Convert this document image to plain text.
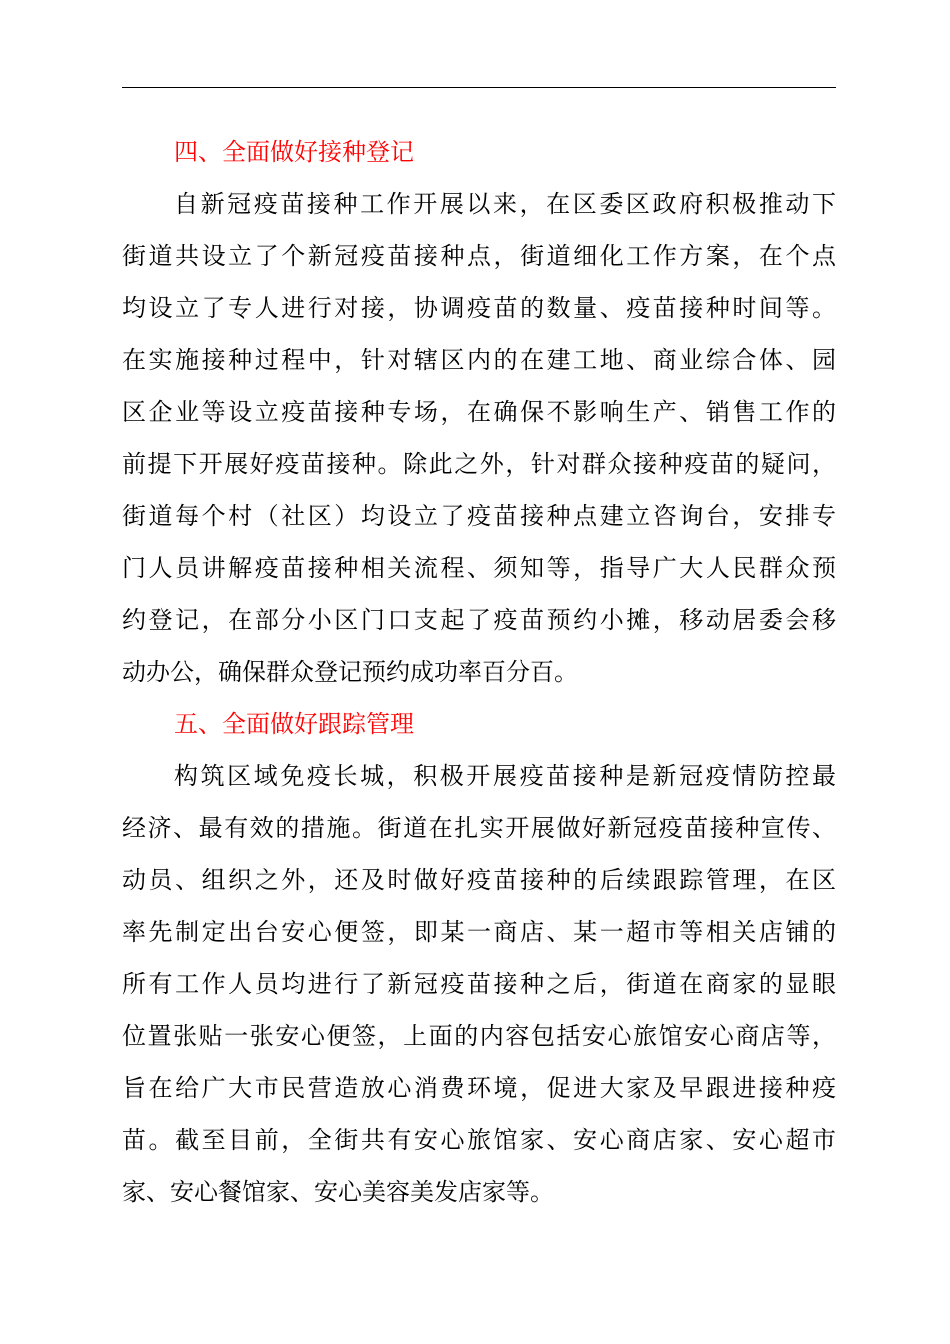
四、全面做好接种登记

自新冠疫苗接种工作开展以来，在区委区政府积极推动下

街道共设立了个新冠疫苗接种点，街道细化工作方案，在个点

均设立了专人进行对接，协调疫苗的数量、疫苗接种时间等。

在实施接种过程中，针对辖区内的在建工地、商业综合体、园

区企业等设立疫苗接种专场，在确保不影响生产、销售工作的

前提下开展好疫苗接种。除此之外，针对群众接种疫苗的疑问，

街道每个村（社区）均设立了疫苗接种点建立咨询台，安排专

门人员讲解疫苗接种相关流程、须知等，指导广大人民群众预

约登记，在部分小区门口支起了疫苗预约小摊，移动居委会移

动办公，确保群众登记预约成功率百分百。

五、全面做好跟踪管理

构筑区域免疫长城，积极开展疫苗接种是新冠疫情防控最

经济、最有效的措施。街道在扎实开展做好新冠疫苗接种宣传、

动员、组织之外，还及时做好疫苗接种的后续跟踪管理，在区

率先制定出台安心便签，即某一商店、某一超市等相关店铺的

所有工作人员均进行了新冠疫苗接种之后，街道在商家的显眼

位置张贴一张安心便签，上面的内容包括安心旅馆安心商店等，

旨在给广大市民营造放心消费环境，促进大家及早跟进接种疫

苗。截至目前，全街共有安心旅馆家、安心商店家、安心超市

家、安心餐馆家、安心美容美发店家等。
